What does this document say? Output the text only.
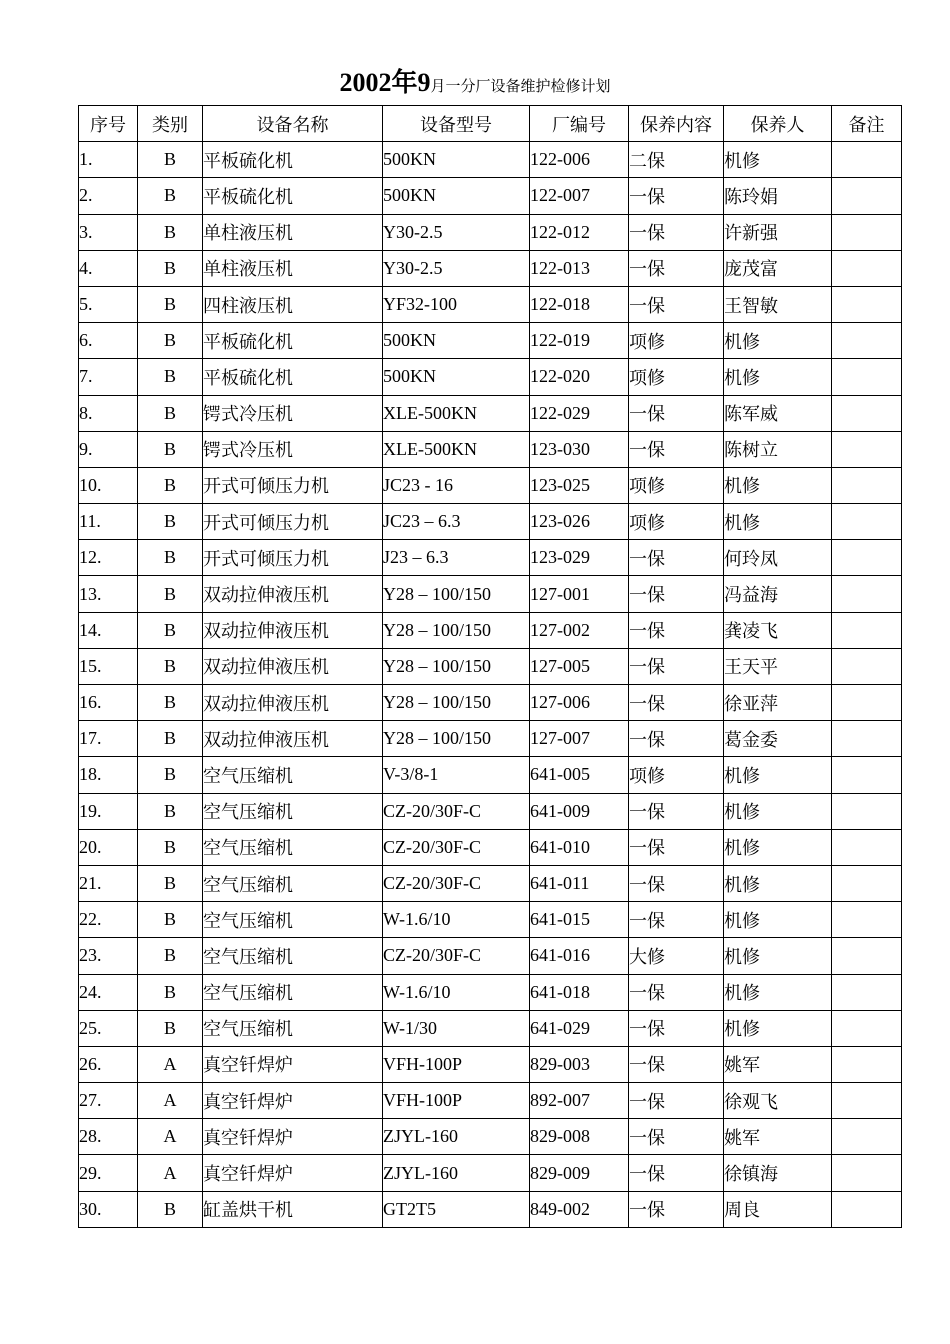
2002年9月一分厂设备维护检修计划
序号	类别	设备名称	设备型号	厂编号	保养内容	保养人	备注
1.	B	平板硫化机	500KN	122-006	二保	机修	
2.	B	平板硫化机	500KN	122-007	一保	陈玲娟	
3.	B	单柱液压机	Y30-2.5	122-012	一保	许新强	
4.	B	单柱液压机	Y30-2.5	122-013	一保	庞茂富	
5.	B	四柱液压机	YF32-100	122-018	一保	王智敏	
6.	B	平板硫化机	500KN	122-019	项修	机修	
7.	B	平板硫化机	500KN	122-020	项修	机修	
8.	B	锷式冷压机	XLE-500KN	122-029	一保	陈军威	
9.	B	锷式冷压机	XLE-500KN	123-030	一保	陈树立	
10.	B	开式可倾压力机	JC23 - 16	123-025	项修	机修	
11.	B	开式可倾压力机	JC23 – 6.3	123-026	项修	机修	
12.	B	开式可倾压力机	J23 – 6.3	123-029	一保	何玲凤	
13.	B	双动拉伸液压机	Y28 – 100/150	127-001	一保	冯益海	
14.	B	双动拉伸液压机	Y28 – 100/150	127-002	一保	龚凌飞	
15.	B	双动拉伸液压机	Y28 – 100/150	127-005	一保	王天平	
16.	B	双动拉伸液压机	Y28 – 100/150	127-006	一保	徐亚萍	
17.	B	双动拉伸液压机	Y28 – 100/150	127-007	一保	葛金委	
18.	B	空气压缩机	V-3/8-1	641-005	项修	机修	
19.	B	空气压缩机	CZ-20/30F-C	641-009	一保	机修	
20.	B	空气压缩机	CZ-20/30F-C	641-010	一保	机修	
21.	B	空气压缩机	CZ-20/30F-C	641-011	一保	机修	
22.	B	空气压缩机	W-1.6/10	641-015	一保	机修	
23.	B	空气压缩机	CZ-20/30F-C	641-016	大修	机修	
24.	B	空气压缩机	W-1.6/10	641-018	一保	机修	
25.	B	空气压缩机	W-1/30	641-029	一保	机修	
26.	A	真空钎焊炉	VFH-100P	829-003	一保	姚军	
27.	A	真空钎焊炉	VFH-100P	892-007	一保	徐观飞	
28.	A	真空钎焊炉	ZJYL-160	829-008	一保	姚军	
29.	A	真空钎焊炉	ZJYL-160	829-009	一保	徐镇海	
30.	B	缸盖烘干机	GT2T5	849-002	一保	周良	
